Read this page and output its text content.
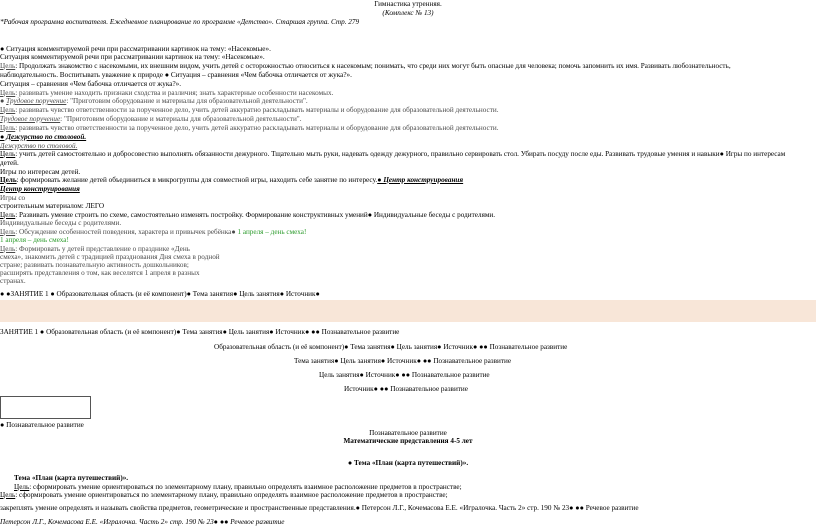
Гимнастика утренняя.
(Комплекс № 13)
*Рабочая программа воспитателя. Ежедневное планирование по программе «Детство». Старшая группа. Стр. 279
● Ситуация комментируемой речи при рассматривании картинок на тему: «Насекомые».
Ситуация комментируемой речи при рассматривании картинок на тему: «Насекомые».
Цель: Продолжать знакомство с насекомыми, их внешним видом, учить детей с осторожностью относиться к насекомым; понимать, что среди них могут быть опасные для человека; помочь запомнить их имя. Развивать любознательность,
наблюдательность. Воспитывать уважение к природе ● Ситуация – сравнения «Чем бабочка отличается от жука?».
Ситуация – сравнения «Чем бабочка отличается от жука?».
Цель: развивать умение находить признаки сходства и различия; знать характерные особенности насекомых.
● Трудовое поручение: "Приготовим оборудование и материалы для образовательной деятельности".
Цель: развивать чувство ответственности за порученное дело, учить детей аккуратно раскладывать материалы и оборудование для образовательной деятельности.
Трудовое поручение: "Приготовим оборудование и материалы для образовательной деятельности".
Цель: развивать чувство ответственности за порученное дело, учить детей аккуратно раскладывать материалы и оборудование для образовательной деятельности.
● Дежурство по столовой.
Дежурство по столовой.
Цель: учить детей самостоятельно и добросовестно выполнять обязанности дежурного. Тщательно мыть руки, надевать одежду дежурного, правильно сервировать стол. Убирать посуду после еды. Развивать трудовые умения и навыки● Игры по интересам
детей.
Игры по интересам детей.
Цель: формировать желание детей объединиться в микрогруппы для совместной игры, находить себе занятие по интересу.● Центр конструирования
Центр конструирования
Игры со
строительным материалом: ЛЕГО
Цель: Развивать умение строить по схеме, самостоятельно изменять постройку. Формирование конструктивных умений● Индивидуальные беседы с родителями.
Индивидуальные беседы с родителями.
Цель: Обсуждение особенностей поведения, характера и привычек ребёнка● 1 апреля – день смеха!
1 апреля – день смеха!
Цель: Формировать у детей представление о празднике «День
смеха», знакомить детей с традицией празднования Дня смеха в родной
стране; развивать познавательную активность дошкольников;
расширять представления о том, как веселятся 1 апреля в разных
странах.
● ●ЗАНЯТИЕ 1 ● Образовательная область (и её компонент)● Тема занятия● Цель занятия● Источник●
ЗАНЯТИЕ 1 ● Образовательная область (и её компонент)● Тема занятия● Цель занятия● Источник● ●● Познавательное развитие
Образовательная область (и её компонент)● Тема занятия● Цель занятия● Источник● ●● Познавательное развитие
Тема занятия● Цель занятия● Источник● ●● Познавательное развитие
Цель занятия● Источник● ●● Познавательное развитие
Источник● ●● Познавательное развитие
● Познавательное развитие
Познавательное развитие
Математические представления 4-5 лет
● Тема «План (карта путешествий)».
Тема «План (карта путешествий)».
Цель: сформировать умение ориентироваться по элементарному плану, правильно определять взаимное расположение предметов в пространстве;
Цель: сформировать умение ориентироваться по элементарному плану, правильно определять взаимное расположение предметов в пространстве;
закреплять умение определять и называть свойства предметов, геометрические и пространственные представления.● Петерсон Л.Г., Кочемасова Е.Е. «Игралочка. Часть 2» стр. 190 № 23● ●● Речевое развитие
Петерсон Л.Г., Кочемасова Е.Е. «Игралочка. Часть 2» стр. 190 № 23● ●● Речевое развитие
